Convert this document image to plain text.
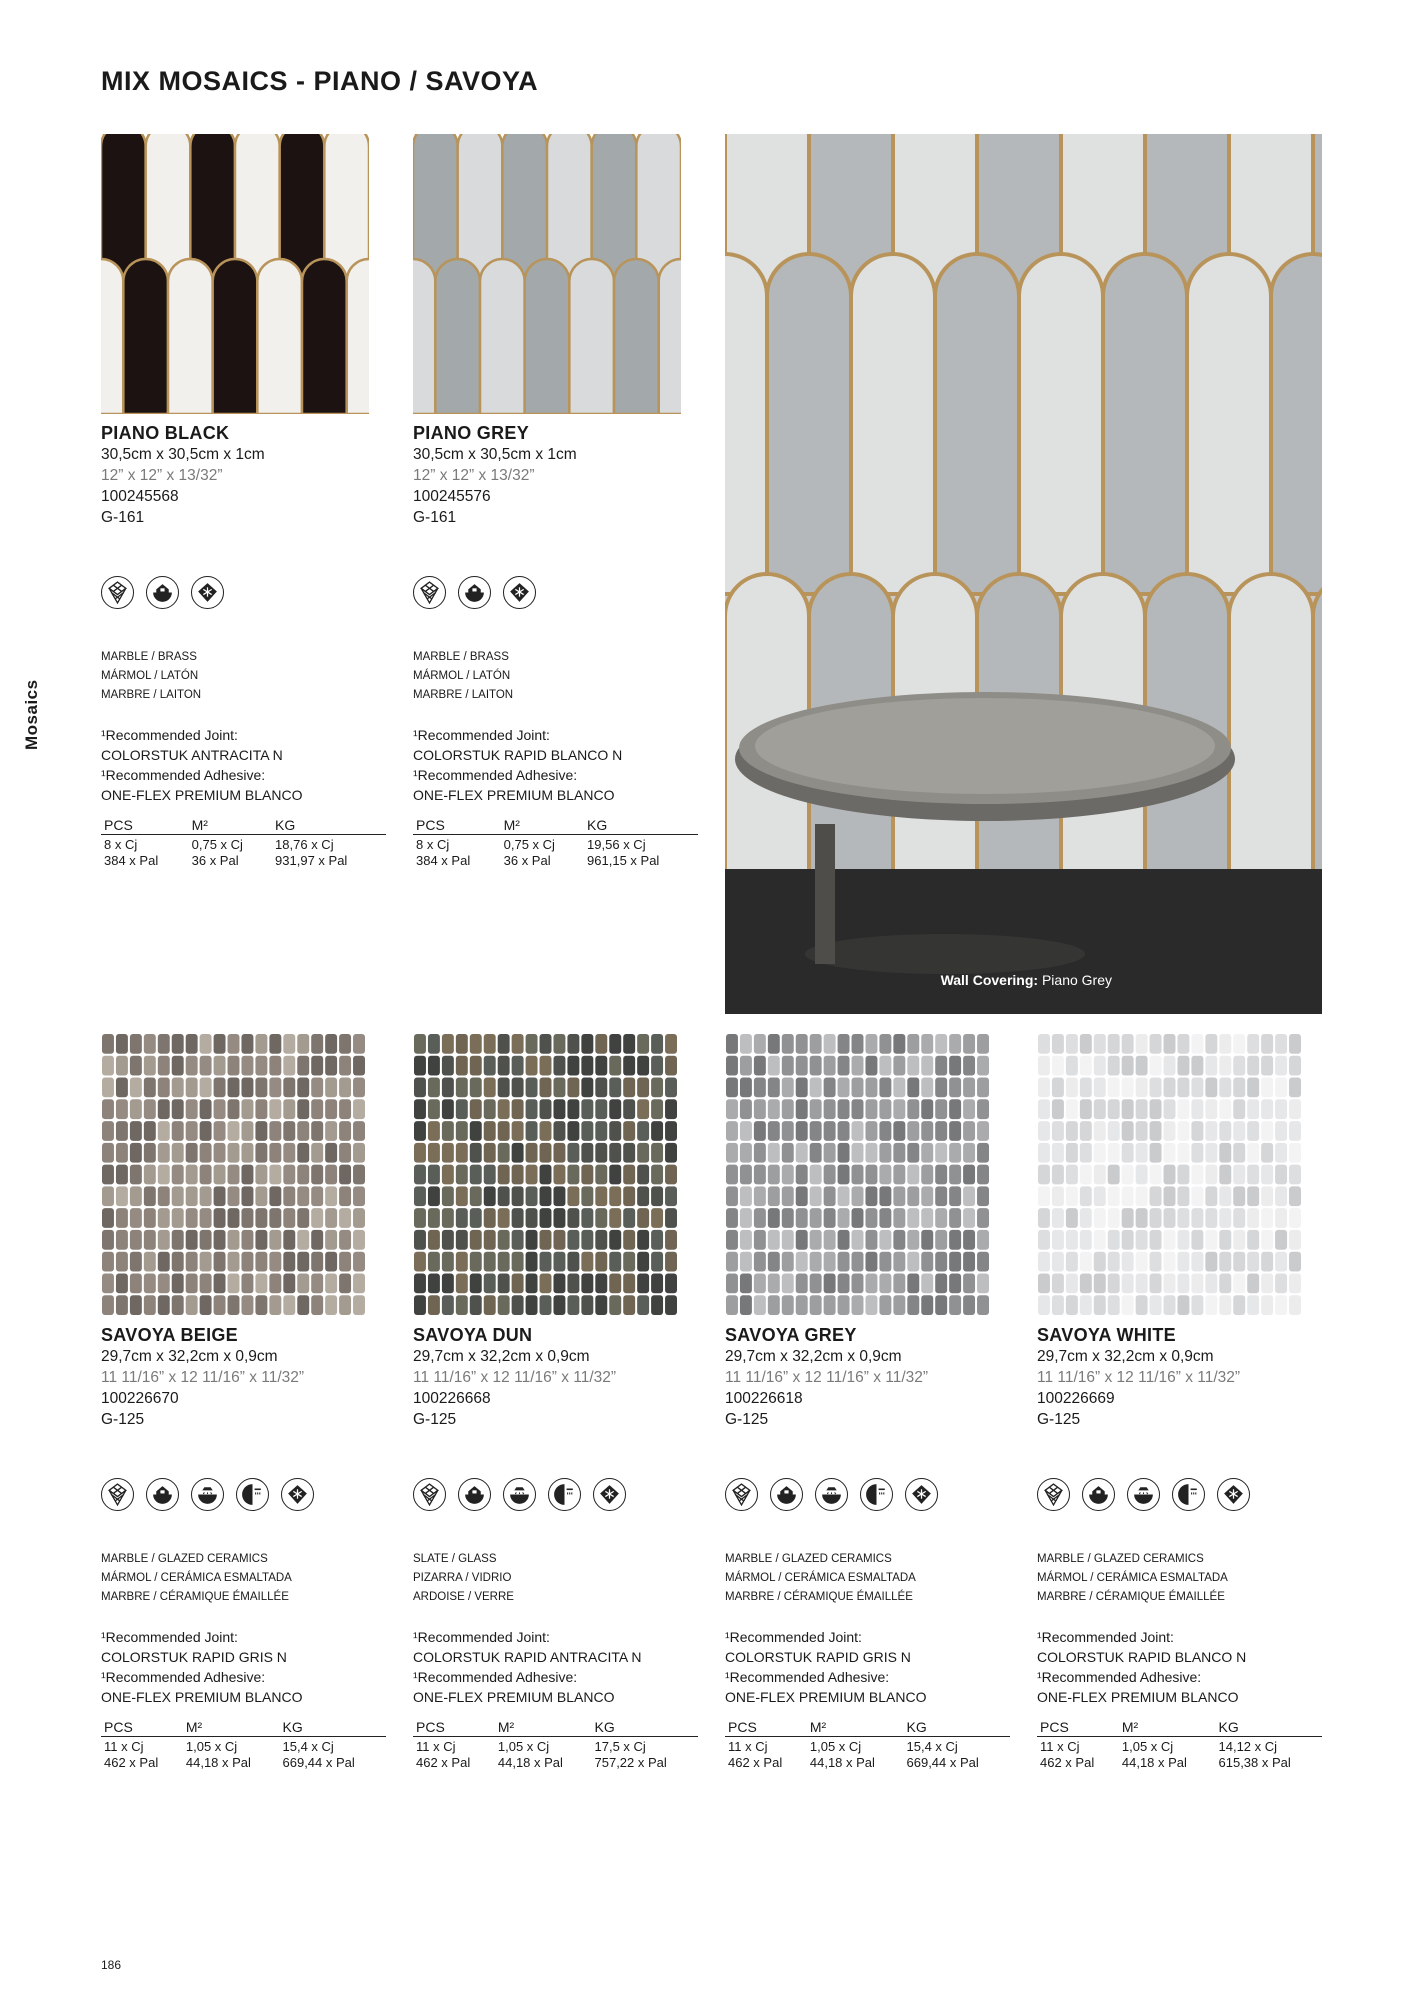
MIX MOSAICS - PIANO / SAVOYA
Mosaics
186
Wall Covering: Piano Grey
PIANO BLACK
30,5cm x 30,5cm x 1cm
12” x 12” x 13/32”
100245568
G-161
MARBLE / BRASS
MÁRMOL / LATÓN
MARBRE / LAITON
¹Recommended Joint:
COLORSTUK ANTRACITA N
¹Recommended Adhesive:
ONE-FLEX PREMIUM BLANCO
PCS	M²	KG
8 x Cj	0,75 x Cj	18,76 x Cj
384 x Pal	36 x Pal	931,97 x Pal
PIANO GREY
30,5cm x 30,5cm x 1cm
12” x 12” x 13/32”
100245576
G-161
MARBLE / BRASS
MÁRMOL / LATÓN
MARBRE / LAITON
¹Recommended Joint:
COLORSTUK RAPID BLANCO N
¹Recommended Adhesive:
ONE-FLEX PREMIUM BLANCO
PCS	M²	KG
8 x Cj	0,75 x Cj	19,56 x Cj
384 x Pal	36 x Pal	961,15 x Pal
SAVOYA BEIGE
29,7cm x 32,2cm x 0,9cm
11 11/16” x 12 11/16” x 11/32”
100226670
G-125
MARBLE / GLAZED CERAMICS
MÁRMOL / CERÁMICA ESMALTADA
MARBRE / CÉRAMIQUE ÉMAILLÉE
¹Recommended Joint:
COLORSTUK RAPID GRIS N
¹Recommended Adhesive:
ONE-FLEX PREMIUM BLANCO
PCS	M²	KG
11 x Cj	1,05 x Cj	15,4 x Cj
462 x Pal	44,18 x Pal	669,44 x Pal
SAVOYA DUN
29,7cm x 32,2cm x 0,9cm
11 11/16” x 12 11/16” x 11/32”
100226668
G-125
SLATE / GLASS
PIZARRA / VIDRIO
ARDOISE / VERRE
¹Recommended Joint:
COLORSTUK RAPID ANTRACITA N
¹Recommended Adhesive:
ONE-FLEX PREMIUM BLANCO
PCS	M²	KG
11 x Cj	1,05 x Cj	17,5 x Cj
462 x Pal	44,18 x Pal	757,22 x Pal
SAVOYA GREY
29,7cm x 32,2cm x 0,9cm
11 11/16” x 12 11/16” x 11/32”
100226618
G-125
MARBLE / GLAZED CERAMICS
MÁRMOL / CERÁMICA ESMALTADA
MARBRE / CÉRAMIQUE ÉMAILLÉE
¹Recommended Joint:
COLORSTUK RAPID GRIS N
¹Recommended Adhesive:
ONE-FLEX PREMIUM BLANCO
PCS	M²	KG
11 x Cj	1,05 x Cj	15,4 x Cj
462 x Pal	44,18 x Pal	669,44 x Pal
SAVOYA WHITE
29,7cm x 32,2cm x 0,9cm
11 11/16” x 12 11/16” x 11/32”
100226669
G-125
MARBLE / GLAZED CERAMICS
MÁRMOL / CERÁMICA ESMALTADA
MARBRE / CÉRAMIQUE ÉMAILLÉE
¹Recommended Joint:
COLORSTUK RAPID BLANCO N
¹Recommended Adhesive:
ONE-FLEX PREMIUM BLANCO
PCS	M²	KG
11 x Cj	1,05 x Cj	14,12 x Cj
462 x Pal	44,18 x Pal	615,38 x Pal
